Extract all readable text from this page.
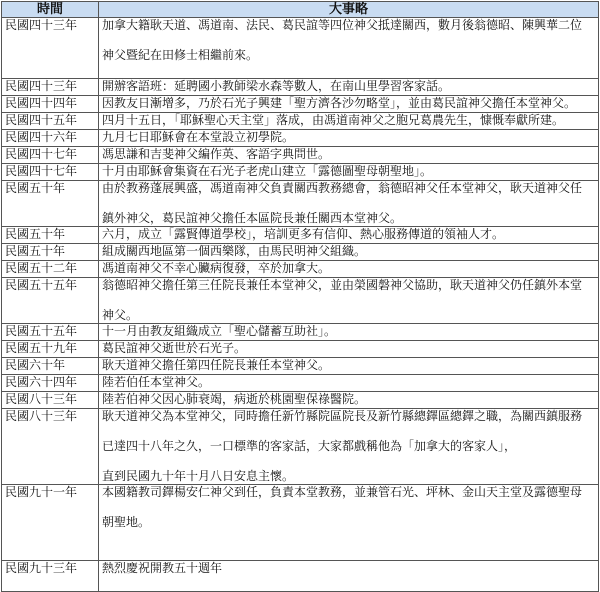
時間	大事略
民國四十三年	加拿大籍耿天道、馮道南、法民、葛民誼等四位神父抵達關西，數月後翁德昭、陳興華二位

神父暨紀在田修士相繼前來。

民國四十三年	開辦客語班：延聘國小教師梁水森等數人，在南山里學習客家話。
民國四十四年	因教友日漸增多，乃於石光子興建「聖方濟各沙勿略堂」，並由葛民誼神父擔任本堂神父。
民國四十五年	四月十五日，「耶穌聖心天主堂」落成，由馮道南神父之胞兄葛農先生，慷慨奉獻所建。
民國四十六年	九月七日耶穌會在本堂設立初學院。
民國四十七年	馮思謙和吉斐神父編作英、客語字典問世。
民國四十七年	十月由耶穌會集資在石光子老虎山建立「露德圖聖母朝聖地」。
民國五十年	由於教務蓬展興盛，馮道南神父負責關西教務總會，翁德昭神父任本堂神父，耿天道神父任

鎮外神父，葛民誼神父擔任本區院長兼任關西本堂神父。
民國五十年	六月，成立「露賢傳道學校」，培訓更多有信仰、熱心服務傳道的領袖人才。
民國五十年	組成關西地區第一個西樂隊，由馬民明神父組織。
民國五十二年	馮道南神父不幸心臟病復發，卒於加拿大。
民國五十五年	翁德昭神父擔任第三任院長兼任本堂神父，並由榮國磐神父協助，耿天道神父仍任鎮外本堂

神父。
民國五十五年	十一月由教友組織成立「聖心儲蓄互助社」。
民國五十九年	葛民誼神父逝世於石光子。
民國六十年	耿天道神父擔任第四任院長兼任本堂神父。
民國六十四年	陸若伯任本堂神父。
民國八十三年	陸若伯神父因心肺衰竭，病逝於桃園聖保祿醫院。
民國八十三年	耿天道神父為本堂神父，同時擔任新竹縣院區院長及新竹縣總鐸區總鐸之職，為關西鎮服務

已達四十八年之久，一口標準的客家話，大家都戲稱他為「加拿大的客家人」，

直到民國九十年十月八日安息主懷。
民國九十一年	本國籍教司鐸楊安仁神父到任，負責本堂教務，並兼管石光、坪林、金山天主堂及露德聖母

朝聖地。

民國九十三年	熱烈慶祝開教五十週年
